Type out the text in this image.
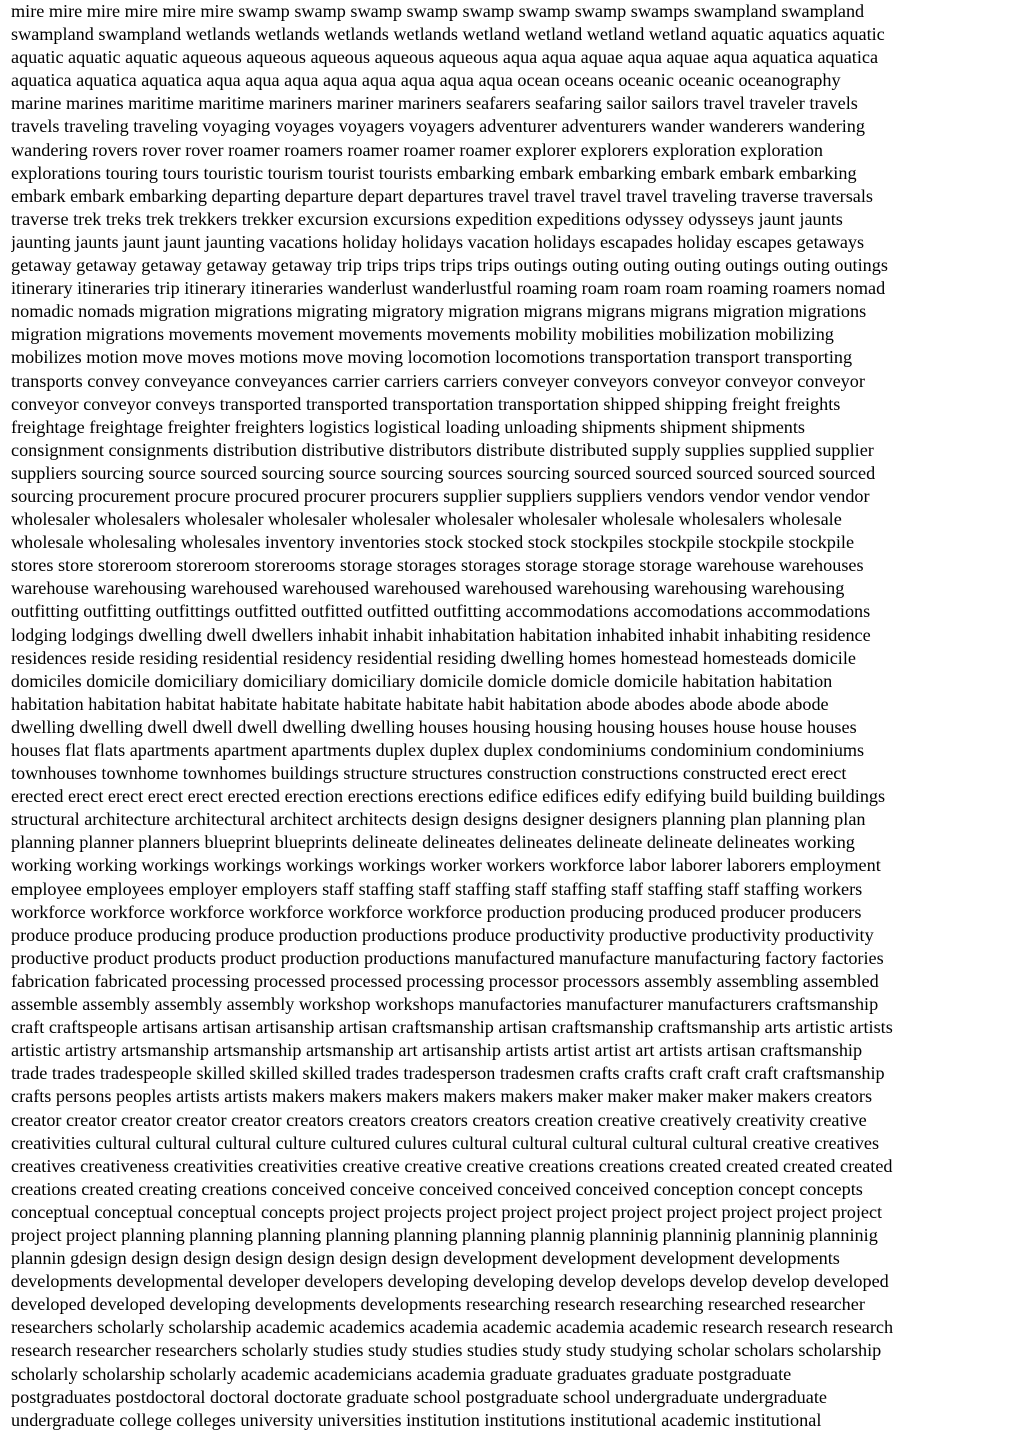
mire mire mire mire mire mire swamp swamp swamp swamp swamp swamp swamp swamps swampland swampland
swampland swampland wetlands wetlands wetlands wetlands wetland wetland wetland wetland aquatic aquatics aquatic
aquatic aquatic aquatic aqueous aqueous aqueous aqueous aqueous aqua aqua aquae aqua aquae aqua aquatica aquatica
aquatica aquatica aquatica aqua aqua aqua aqua aqua aqua aqua aqua ocean oceans oceanic oceanic oceanography
marine marines maritime maritime mariners mariner mariners seafarers seafaring sailor sailors travel traveler travels
travels traveling traveling voyaging voyages voyagers voyagers adventurer adventurers wander wanderers wandering
wandering rovers rover rover roamer roamers roamer roamer roamer explorer explorers exploration exploration
explorations touring tours touristic tourism tourist tourists embarking embark embarking embark embark embarking
embark embark embarking departing departure depart departures travel travel travel travel traveling traverse traversals
traverse trek treks trek trekkers trekker excursion excursions expedition expeditions odyssey odysseys jaunt jaunts
jaunting jaunts jaunt jaunt jaunting vacations holiday holidays vacation holidays escapades holiday escapes getaways
getaway getaway getaway getaway getaway trip trips trips trips trips outings outing outing outing outings outing outings
itinerary itineraries trip itinerary itineraries wanderlust wanderlustful roaming roam roam roam roaming roamers nomad
nomadic nomads migration migrations migrating migratory migration migrans migrans migrans migration migrations
migration migrations movements movement movements movements mobility mobilities mobilization mobilizing
mobilizes motion move moves motions move moving locomotion locomotions transportation transport transporting
transports convey conveyance conveyances carrier carriers carriers conveyer conveyors conveyor conveyor conveyor
conveyor conveyor conveys transported transported transportation transportation shipped shipping freight freights
freightage freightage freighter freighters logistics logistical loading unloading shipments shipment shipments
consignment consignments distribution distributive distributors distribute distributed supply supplies supplied supplier
suppliers sourcing source sourced sourcing source sourcing sources sourcing sourced sourced sourced sourced sourced
sourcing procurement procure procured procurer procurers supplier suppliers suppliers vendors vendor vendor vendor
wholesaler wholesalers wholesaler wholesaler wholesaler wholesaler wholesaler wholesale wholesalers wholesale
wholesale wholesaling wholesales inventory inventories stock stocked stock stockpiles stockpile stockpile stockpile
stores store storeroom storeroom storerooms storage storages storages storage storage storage warehouse warehouses
warehouse warehousing warehoused warehoused warehoused warehoused warehousing warehousing warehousing
outfitting outfitting outfittings outfitted outfitted outfitted outfitting accommodations accomodations accommodations
lodging lodgings dwelling dwell dwellers inhabit inhabit inhabitation habitation inhabited inhabit inhabiting residence
residences reside residing residential residency residential residing dwelling homes homestead homesteads domicile
domiciles domicile domiciliary domiciliary domiciliary domicile domicle domicle domicile habitation habitation
habitation habitation habitat habitate habitate habitate habitate habit habitation abode abodes abode abode abode
dwelling dwelling dwell dwell dwell dwelling dwelling houses housing housing housing houses house house houses
houses flat flats apartments apartment apartments duplex duplex duplex condominiums condominium condominiums
townhouses townhome townhomes buildings structure structures construction constructions constructed erect erect
erected erect erect erect erect erected erection erections erections edifice edifices edify edifying build building buildings
structural architecture architectural architect architects design designs designer designers planning plan planning plan
planning planner planners blueprint blueprints delineate delineates delineates delineate delineate delineates working
working working workings workings workings workings worker workers workforce labor laborer laborers employment
employee employees employer employers staff staffing staff staffing staff staffing staff staffing staff staffing workers
workforce workforce workforce workforce workforce workforce production producing produced producer producers
produce produce producing produce production productions produce productivity productive productivity productivity
productive product products product production productions manufactured manufacture manufacturing factory factories
fabrication fabricated processing processed processed processing processor processors assembly assembling assembled
assemble assembly assembly assembly workshop workshops manufactories manufacturer manufacturers craftsmanship
craft craftspeople artisans artisan artisanship artisan craftsmanship artisan craftsmanship craftsmanship arts artistic artists
artistic artistry artsmanship artsmanship artsmanship art artisanship artists artist artist art artists artisan craftsmanship
trade trades tradespeople skilled skilled skilled trades tradesperson tradesmen crafts crafts craft craft craft craftsmanship
crafts persons peoples artists artists makers makers makers makers makers maker maker maker maker makers creators
creator creator creator creator creator creators creators creators creators creation creative creatively creativity creative
creativities cultural cultural cultural culture cultured culures cultural cultural cultural cultural cultural creative creatives
creatives creativeness creativities creativities creative creative creative creations creations created created created created
creations created creating creations conceived conceive conceived conceived conceived conception concept concepts
conceptual conceptual conceptual concepts project projects project project project project project project project project
project project planning planning planning planning planning planning plannig planninig planninig planninig planninig
plannin gdesign design design design design design design development development development developments
developments developmental developer developers developing developing develop develops develop develop developed
developed developed developing developments developments researching research researching researched researcher
researchers scholarly scholarship academic academics academia academic academia academic research research research
research researcher researchers scholarly studies study studies studies study study studying scholar scholars scholarship
scholarly scholarship scholarly academic academicians academia graduate graduates graduate postgraduate
postgraduates postdoctoral doctoral doctorate graduate school postgraduate school undergraduate undergraduate
undergraduate college colleges university universities institution institutions institutional academic institutional
